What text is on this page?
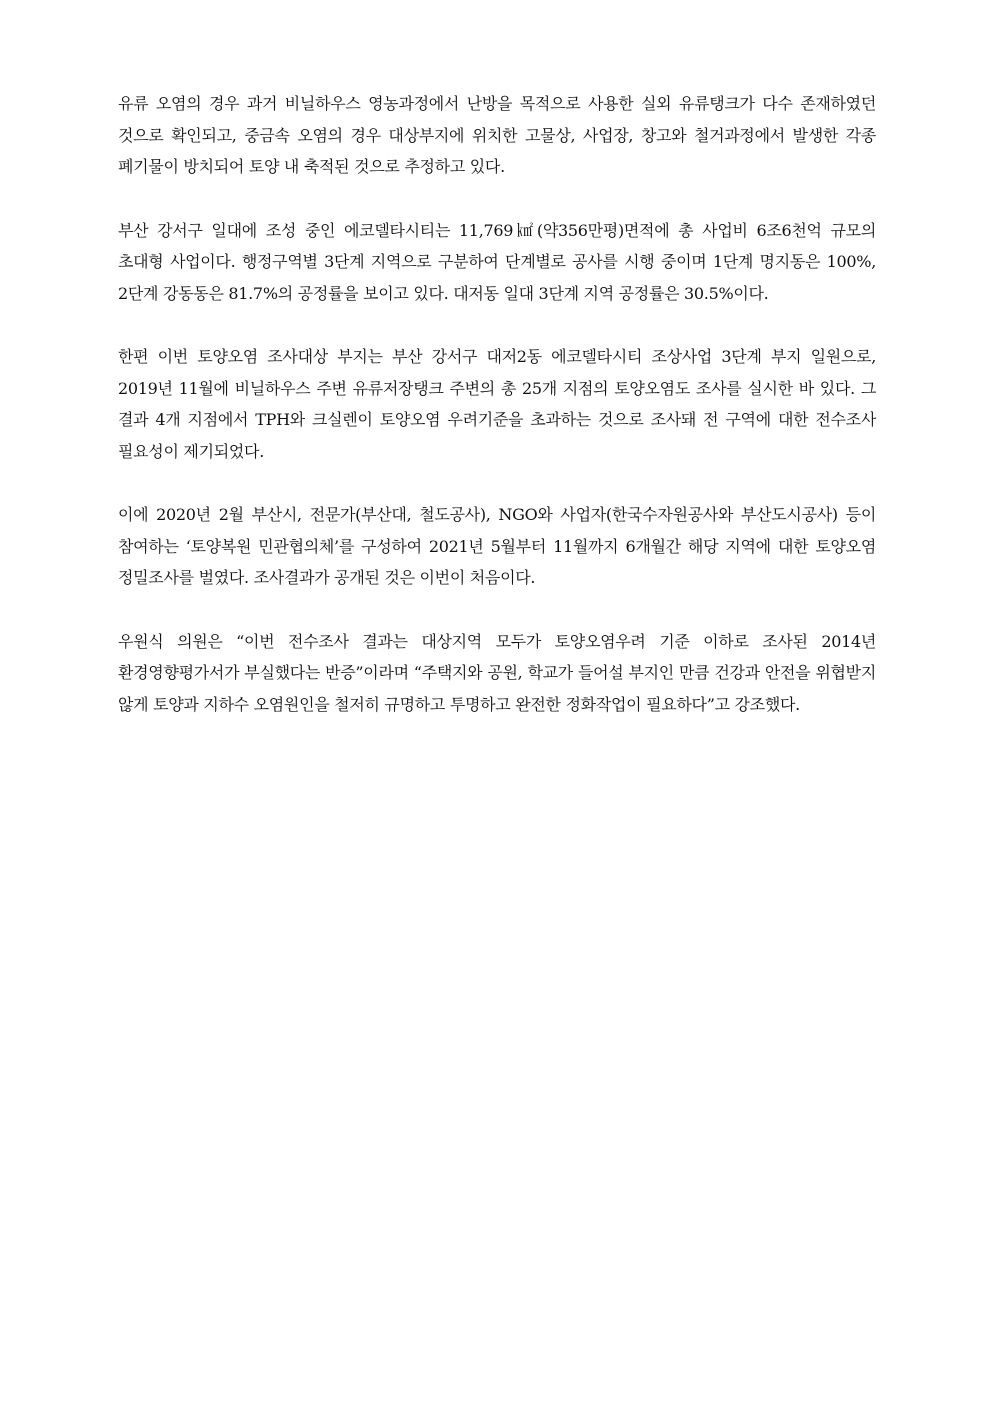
유류 오염의 경우 과거 비닐하우스 영농과정에서 난방을 목적으로 사용한 실외 유류탱크가 다수 존재하였던 것으로 확인되고, 중금속 오염의 경우 대상부지에 위치한 고물상, 사업장, 창고와 철거과정에서 발생한 각종 폐기물이 방치되어 토양 내 축적된 것으로 추정하고 있다.

부산 강서구 일대에 조성 중인 에코델타시티는 11,769㎢(약356만평)면적에 총 사업비 6조6천억 규모의 초대형 사업이다. 행정구역별 3단계 지역으로 구분하여 단계별로 공사를 시행 중이며 1단계 명지동은 100%, 2단계 강동동은 81.7%의 공정률을 보이고 있다. 대저동 일대 3단계 지역 공정률은 30.5%이다.

한편 이번 토양오염 조사대상 부지는 부산 강서구 대저2동 에코델타시티 조상사업 3단계 부지 일원으로, 2019년 11월에 비닐하우스 주변 유류저장탱크 주변의 총 25개 지점의 토양오염도 조사를 실시한 바 있다. 그 결과 4개 지점에서 TPH와 크실렌이 토양오염 우려기준을 초과하는 것으로 조사돼 전 구역에 대한 전수조사 필요성이 제기되었다.

이에 2020년 2월 부산시, 전문가(부산대, 철도공사), NGO와 사업자(한국수자원공사와 부산도시공사) 등이 참여하는 ‘토양복원 민관협의체’를 구성하여 2021년 5월부터 11월까지 6개월간 해당 지역에 대한 토양오염 정밀조사를 벌였다. 조사결과가 공개된 것은 이번이 처음이다.

우원식 의원은 “이번 전수조사 결과는 대상지역 모두가 토양오염우려 기준 이하로 조사된 2014년 환경영향평가서가 부실했다는 반증”이라며 “주택지와 공원, 학교가 들어설 부지인 만큼 건강과 안전을 위협받지 않게 토양과 지하수 오염원인을 철저히 규명하고 투명하고 완전한 정화작업이 필요하다”고 강조했다.
